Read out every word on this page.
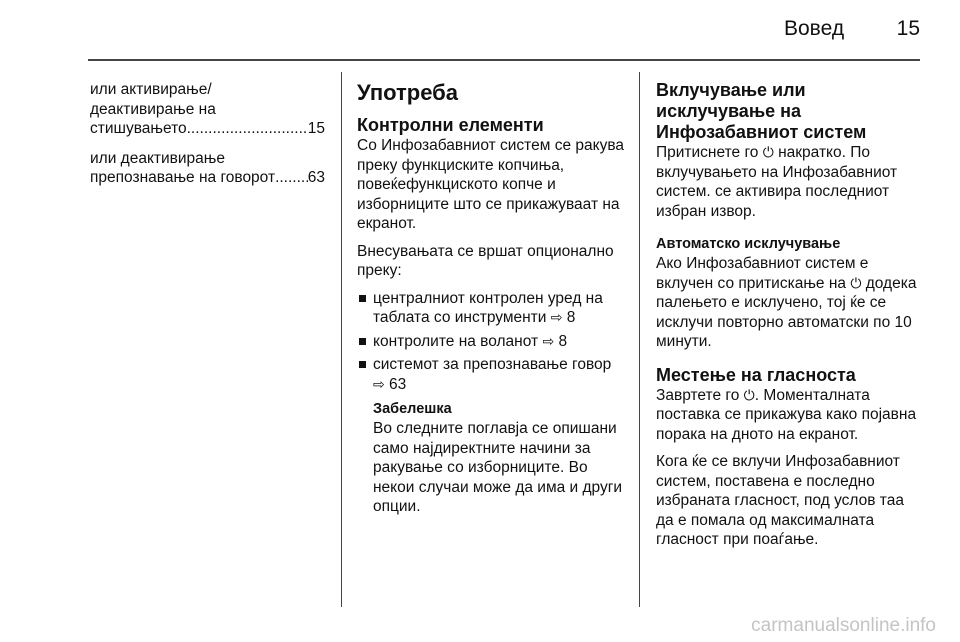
Вовед	15
или активирање/
деактивирање на
стишувањето .....	15
или деактивирање
препознавање на говорот ..... 63
Употреба
Контролни елементи

Со Инфозабавниот систем се ракува преку функциските копчиња, повеќефункциското копче и изборниците што се прикажуваат на екранот.

Внесувањата се вршат опционално преку:

централниот контролен уред на таблата со инструменти ⇨ 8
контролите на воланот ⇨ 8
системот за препознавање говор ⇨ 63
Забелешка
Во следните поглавја се опишани само најдиректните начини за ракување со изборниците. Во некои случаи може да има и други опции.
Вклучување или исклучување на Инфозабавниот систем

Притиснете го ⏻ накратко. По вклучувањето на Инфозабавниот систем. се активира последниот избран извор.

Автоматско исклучување

Ако Инфозабавниот систем е вклучен со притискање на ⏻ додека палењето е исклучено, тој ќе се исклучи повторно автоматски по 10 минути.

Местење на гласноста

Завртете го ⏻. Моменталната поставка се прикажува како појавна порака на дното на екранот.

Кога ќе се вклучи Инфозабавниот систем, поставена е последно избраната гласност, под услов таа да е помала од максималната гласност при поаѓање.

carmanualsonline.info
